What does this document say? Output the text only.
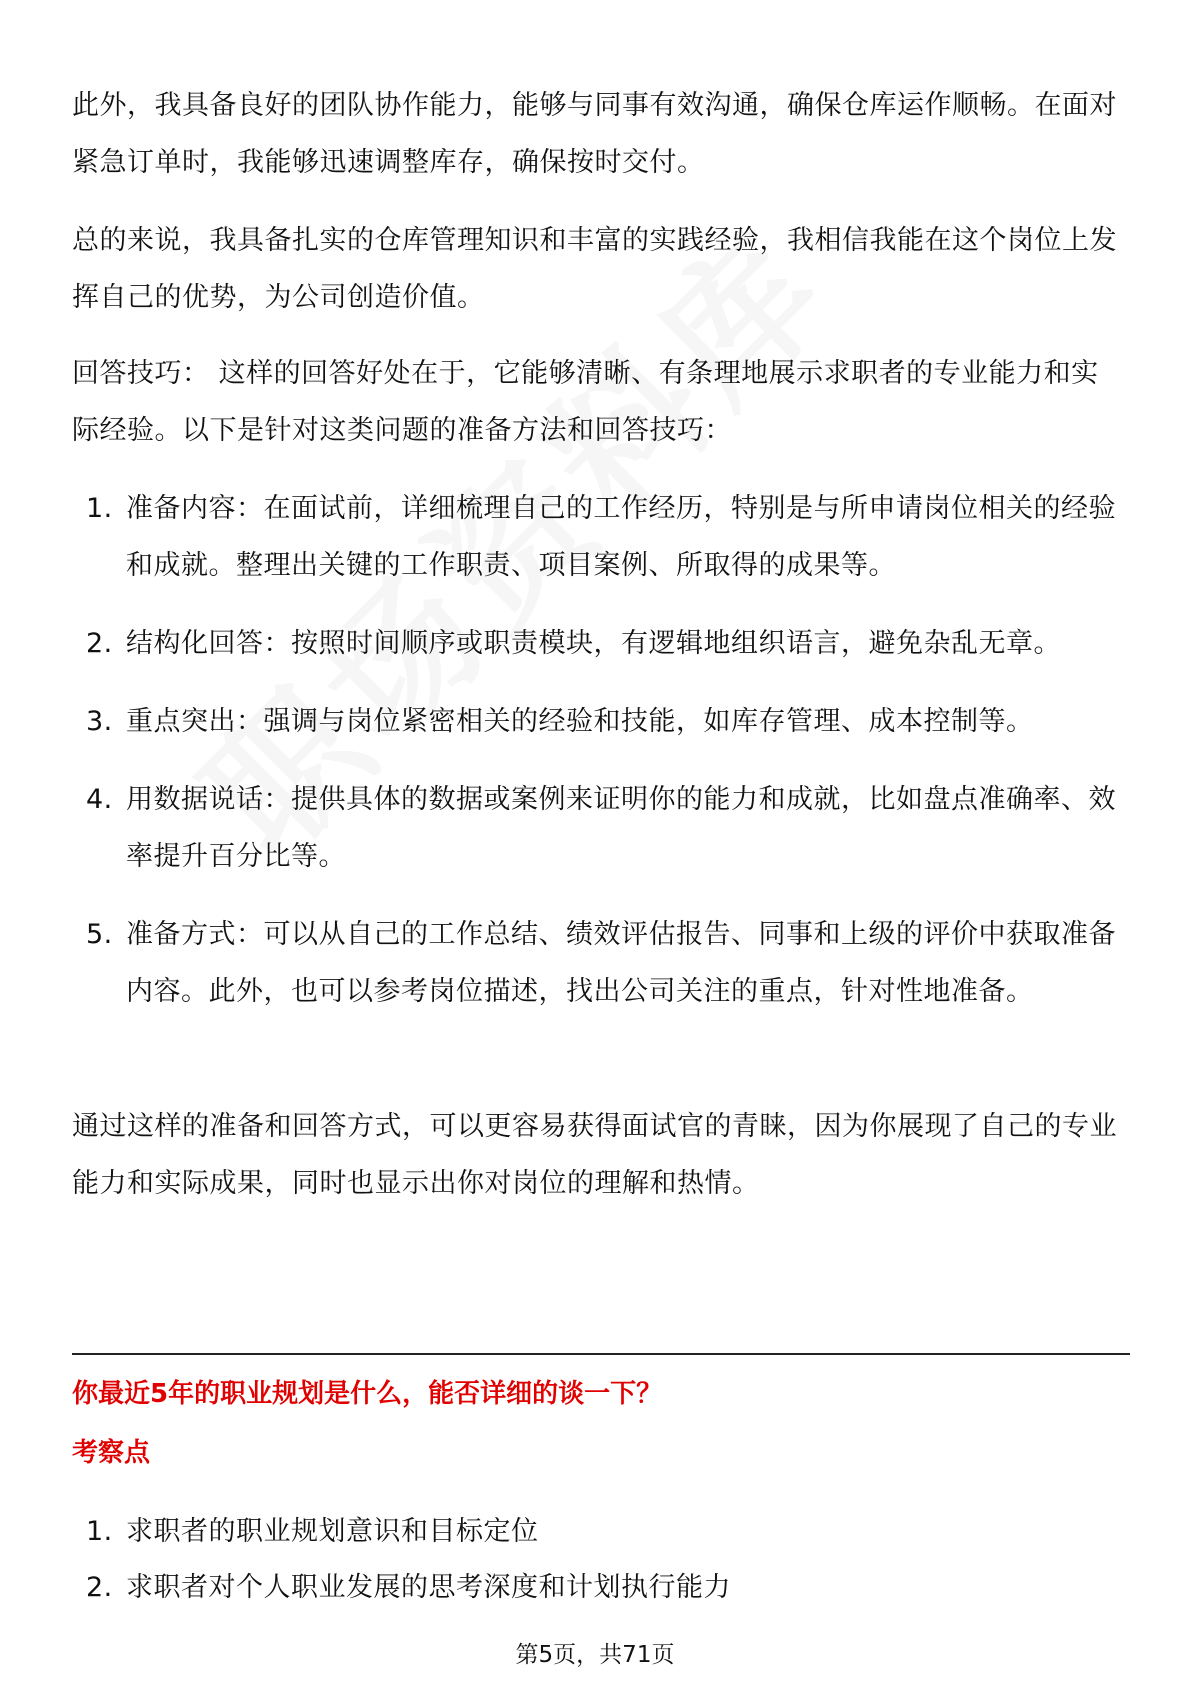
此外，我具备良好的团队协作能力，能够与同事有效沟通，确保仓库运作顺畅。在面对紧急订单时，我能够迅速调整库存，确保按时交付。

总的来说，我具备扎实的仓库管理知识和丰富的实践经验，我相信我能在这个岗位上发挥自己的优势，为公司创造价值。

回答技巧： 这样的回答好处在于，它能够清晰、有条理地展示求职者的专业能力和实际经验。以下是针对这类问题的准备方法和回答技巧：

1. 准备内容：在面试前，详细梳理自己的工作经历，特别是与所申请岗位相关的经验和成就。整理出关键的工作职责、项目案例、所取得的成果等。
2. 结构化回答：按照时间顺序或职责模块，有逻辑地组织语言，避免杂乱无章。
3. 重点突出：强调与岗位紧密相关的经验和技能，如库存管理、成本控制等。
4. 用数据说话：提供具体的数据或案例来证明你的能力和成就，比如盘点准确率、效率提升百分比等。
5. 准备方式：可以从自己的工作总结、绩效评估报告、同事和上级的评价中获取准备内容。此外，也可以参考岗位描述，找出公司关注的重点，针对性地准备。

通过这样的准备和回答方式，可以更容易获得面试官的青睐，因为你展现了自己的专业能力和实际成果，同时也显示出你对岗位的理解和热情。

你最近5年的职业规划是什么，能否详细的谈一下？
考察点
1. 求职者的职业规划意识和目标定位
2. 求职者对个人职业发展的思考深度和计划执行能力
第5页，共71页
